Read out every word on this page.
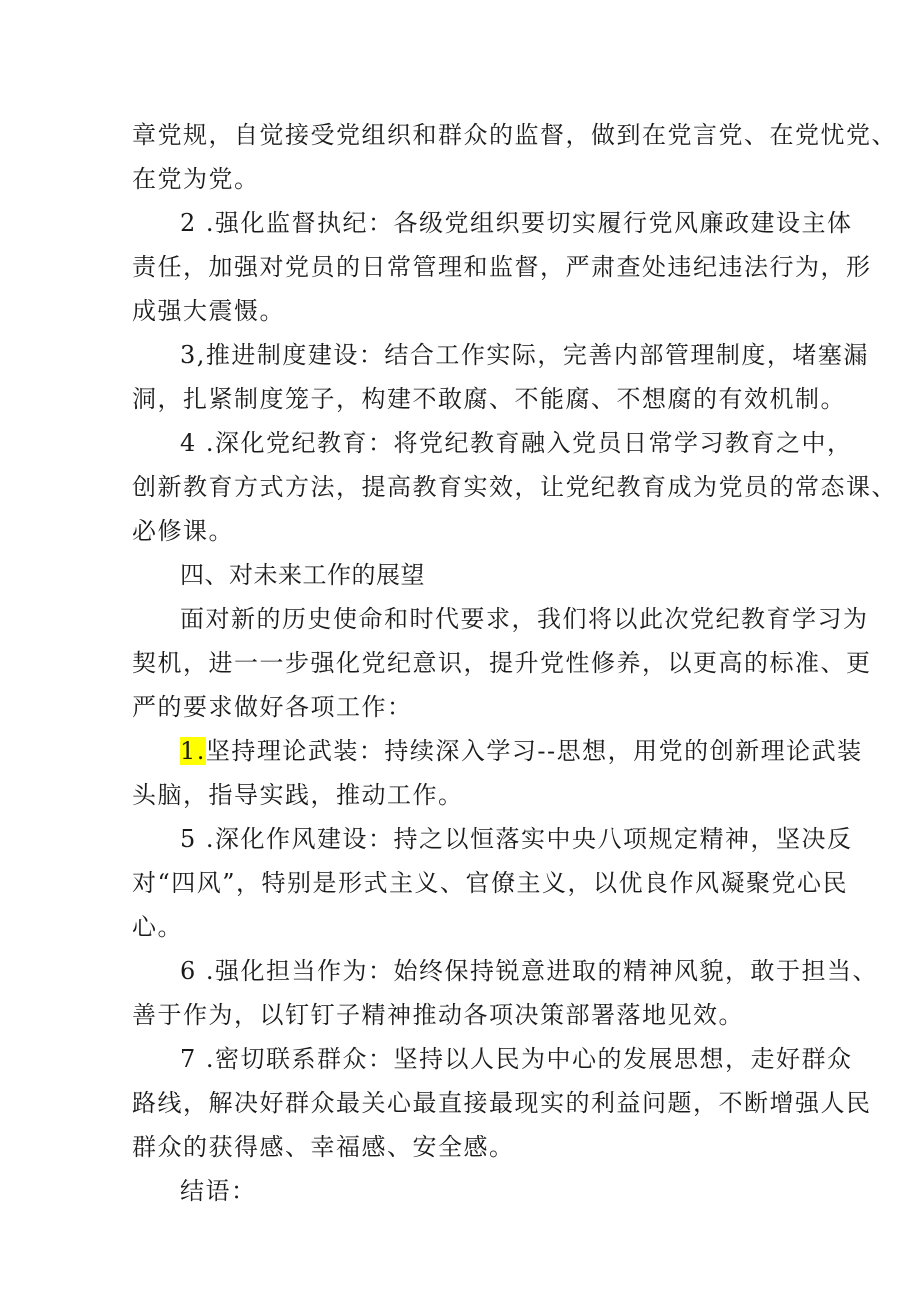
章党规，自觉接受党组织和群众的监督，做到在党言党、在党忧党、
在党为党。
2 .强化监督执纪：各级党组织要切实履行党风廉政建设主体
责任，加强对党员的日常管理和监督，严肃查处违纪违法行为，形
成强大震慑。
3,推进制度建设：结合工作实际，完善内部管理制度，堵塞漏
洞，扎紧制度笼子，构建不敢腐、不能腐、不想腐的有效机制。
4 .深化党纪教育：将党纪教育融入党员日常学习教育之中，
创新教育方式方法，提高教育实效，让党纪教育成为党员的常态课、
必修课。
四、对未来工作的展望
面对新的历史使命和时代要求，我们将以此次党纪教育学习为
契机，进一一步强化党纪意识，提升党性修养，以更高的标准、更
严的要求做好各项工作：
1.坚持理论武装：持续深入学习--思想，用党的创新理论武装
头脑，指导实践，推动工作。
5 .深化作风建设：持之以恒落实中央八项规定精神，坚决反
对“四风”，特别是形式主义、官僚主义，以优良作风凝聚党心民
心。
6 .强化担当作为：始终保持锐意进取的精神风貌，敢于担当、
善于作为，以钉钉子精神推动各项决策部署落地见效。
7 .密切联系群众：坚持以人民为中心的发展思想，走好群众
路线，解决好群众最关心最直接最现实的利益问题，不断增强人民
群众的获得感、幸福感、安全感。
结语：
